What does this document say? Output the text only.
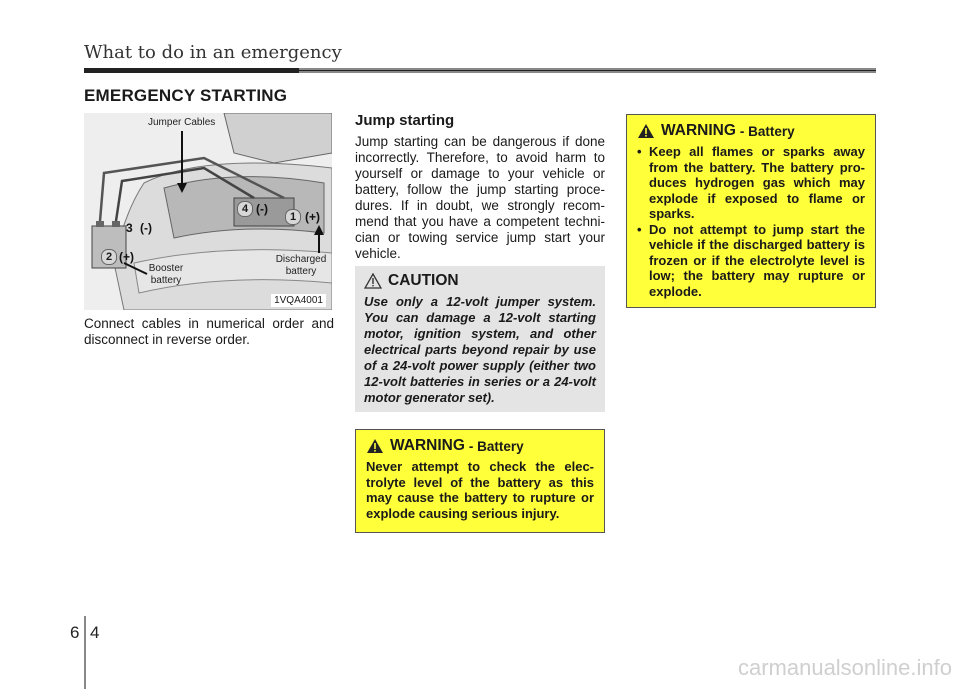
What to do in an emergency
EMERGENCY STARTING
Jumper Cables
Booster battery
Discharged battery
1 (+)
2 (+)
3 (-)
4 (-)
1VQA4001
Connect cables in numerical order and disconnect in reverse order.
Jump starting
Jump starting can be dangerous if done incorrectly. Therefore, to avoid harm to yourself or damage to your vehicle or battery, follow the jump starting proce-dures. If in doubt, we strongly recom-mend that you have a competent techni-cian or towing service jump start your vehicle.
CAUTION
Use only a 12-volt jumper system. You can damage a 12-volt starting motor, ignition system, and other electrical parts beyond repair by use of a 24-volt power supply (either two 12-volt batteries in series or a 24-volt motor generator set).
WARNING - Battery
Never attempt to check the elec-trolyte level of the battery as this may cause the battery to rupture or explode causing serious injury.
WARNING - Battery
• Keep all flames or sparks away from the battery. The battery pro-duces hydrogen gas which may explode if exposed to flame or sparks.
• Do not attempt to jump start the vehicle if the discharged battery is frozen or if the electrolyte level is low; the battery may rupture or explode.
6 4
carmanualsonline.info
